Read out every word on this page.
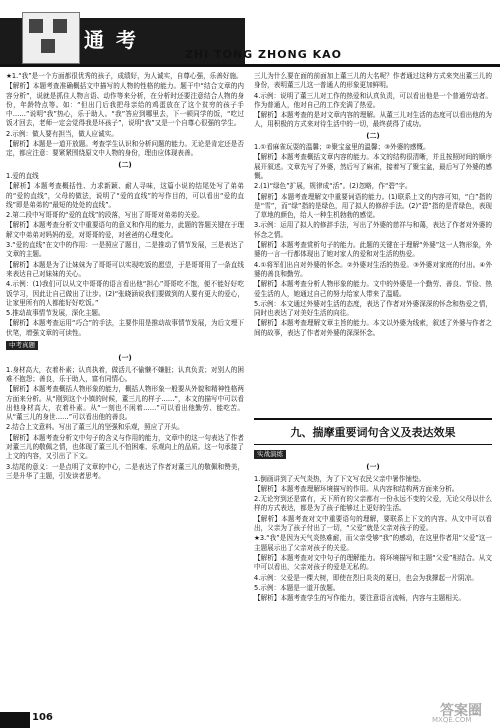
通考
ZHI TONG ZHONG KAO

★1.“我”是一个方面都很优秀的孩子，成绩好，为人诚实，自尊心强，乐善好施。

【解析】本题考查准确概括文中描写的人物的性格的能力。题干中“结合文章的内容分析”，说就是抓住人物言语、动作等来分析，在分析时还要注意结合人物的身份，年龄特点等。如：“但出门后我把母亲给的鸡蛋放在了这个贫穷的孩子手中……”说明“我”热心，乐于助人。“我”答应到哪里去，下一顿同学的饭，“吃过饭才回去，老师一定会觉得我是坏孩子”，说明“我”又是一个自尊心很强的学生。

2.示例：做人要有担当，做人应诚实。

【解析】本题是一道开放题。考查学生认识和分析问题的能力。无论是肯定还是否定，都应注意：要紧紧围绕原文中人物的身份，理由应体现表善。

(二)

1.爱的直线

【解析】本题考查概括性、力求新颖、耐人寻味，这篇小说的结尾处写了弟弟的“爱的直线”，父母的做法，说明了“爱的直线”的写作目的，可以看出“爱的直线”即是弟弟的“最短的处处的直线”。

2.第二段中写哥哥的“爱的直线”的段落，写出了哥哥对弟弟的关爱。

【解析】本题考查分析文中重要语句的意义和作用的能力，此题的答题关键在于理解文中弟弟对妈妈的爱，对哥哥的爱，对爸爸的心理变化。

3.“爱的直线”在文中的作用：一是照应了题目，二是推动了情节发展，三是表达了文章的主题。

【解析】本题是为了让妹妹为了哥哥可以实现吃饭的愿望，于是哥哥用了一条直线来表达自己对妹妹的关心。

4.示例：(1)我们可以从文中哥哥的语言看出他“担心”哥哥吃不饱，便不能好好吃饭学习，因此让自己做出了让步。(2)“张晓涵说我们要做到的人要有更大的爱心，让家里所有的人都能好好吃饭。”

5.推动故事情节发展，深化主题。

【解析】本题考查运用“巧合”的手法，主要作用是推动故事情节发展，为后文埋下伏笔，增强文章的可读性。

中考真题
(一)

1.身材高大，衣着朴素；认真执着，做活儿不偷懒不嫌脏；认真负责；对别人的困难不抱怨；善良，乐于助人，富有同情心。

【解析】本题考查概括人物形象的能力，概括人物形象一般要从外貌和精神性格两方面来分析。从“刚到这个小镇的时候，董三儿的样子……”，本文的描写中可以看出他身材高大，衣着朴素。从“一刻也不闲着……”可以看出他勤劳、能吃苦。从“董三儿的身世……”可以看出他的善良。

2.结合上文意料。写出了董三儿的坚强和乐观，照应了开头。

【解析】本题考查分析文中句子的含义与作用的能力，文章中的这一句表达了作者对董三儿的敬佩之情，也体现了董三儿不怕困难、乐观向上的品质。这一句承接了上文的内容，又引出了下文。

3.结尾的意义：一是点明了文章的中心，二是表达了作者对董三儿的敬佩和赞美，三是升华了主题，引发读者思考。

三儿为什么要在面的前面加上董三儿的大名呢？作者通过这种方式来突出董三儿的身份，表明董三儿这一普通人的形象更加鲜明。

4.示例：说明了董三儿对工作的热爱和认真负责，可以看出他是一个普通劳动者。作为普通人，他对自己的工作充满了热爱。

【解析】本题考查的是对文章内容的理解。从董三儿对生活的态度可以看出他的为人，用积极的方式来对待生活中的一切，最终获得了成功。

(二)

1.①看麻雀玩耍的温馨；②聚宝盆里的温馨；③外婆的感慨。

【解析】本题考查概括文章内容的能力。本文的结构很清晰，并且按照时间的顺序展开叙述。文章先写了外婆，然后写了麻雀，接着写了聚宝盆，最后写了外婆的感慨。

2.(1)“绿色”扩展，规律成“活”。(2)忽略，作“碧”字。

【解析】本题考查理解文中重要词语的能力。(1)联系上文的内容可知，“白”指的是“雪”，而“绿”指的是绿色，用了拟人的修辞手法。(2)“碧”指的是青绿色，表现了草地的颜色，给人一种生机勃勃的感觉。

3.示例：运用了拟人的修辞手法，写出了外婆的慈祥与和蔼，表达了作者对外婆的怀念之情。

【解析】本题考查赏析句子的能力。此题的关键在于理解“外婆”这一人物形象，外婆的一言一行都体现出了她对家人的爱和对生活的热爱。

4.①将军们出自对外婆的怀念。②外婆对生活的热爱。③外婆对家庭的付出。④外婆的善良和勤劳。

【解析】本题考查分析人物形象的能力。文中的外婆是一个勤劳、善良、节俭、热爱生活的人，她通过自己的努力给家人带来了温暖。

5.示例：本文通过外婆对生活的态度，表达了作者对外婆深深的怀念和热爱之情，同时也表达了对美好生活的向往。

【解析】本题考查理解文章主旨的能力。本文以外婆为线索，叙述了外婆与作者之间的故事，表达了作者对外婆的深深怀念。

九、揣摩重要词句含义及表达效果
实战演练
(一)

1.倒画讲到了天气炎热，为了下文写衣民父亲中暑作铺垫。

【解析】本题考查理解环境描写的作用。从内容和结构两方面来分析。

2.无论穷到还是富有，天下所有的父亲都有一份永远不变的父爱，无论父母以什么样的方式表达，都是为了孩子能够过上更好的生活。

【解析】本题考查对文中重要语句的理解，要联系上下文的内容。从文中可以看出，父亲为了孩子付出了一切，“父爱”就是父亲对孩子的爱。

★3.“我”是因为天气炎热难耐，而父亲受够“我”的感动，在这里作者用“父爱”这一主题展示出了父亲对孩子的关爱。

【解析】本题考查对文中句子的理解能力。将环境描写和主题“父爱”相结合。从文中可以看出，父亲对孩子的爱是无私的。

4.示例：父爱是一棵大树，即使在烈日炎炎的夏日，也会为我撑起一片阴凉。

5.示例：本题是一道开放题。

【解析】本题考查学生的写作能力，要注意语言流畅，内容与主题相关。

106	答案圈
MXQE.COM
